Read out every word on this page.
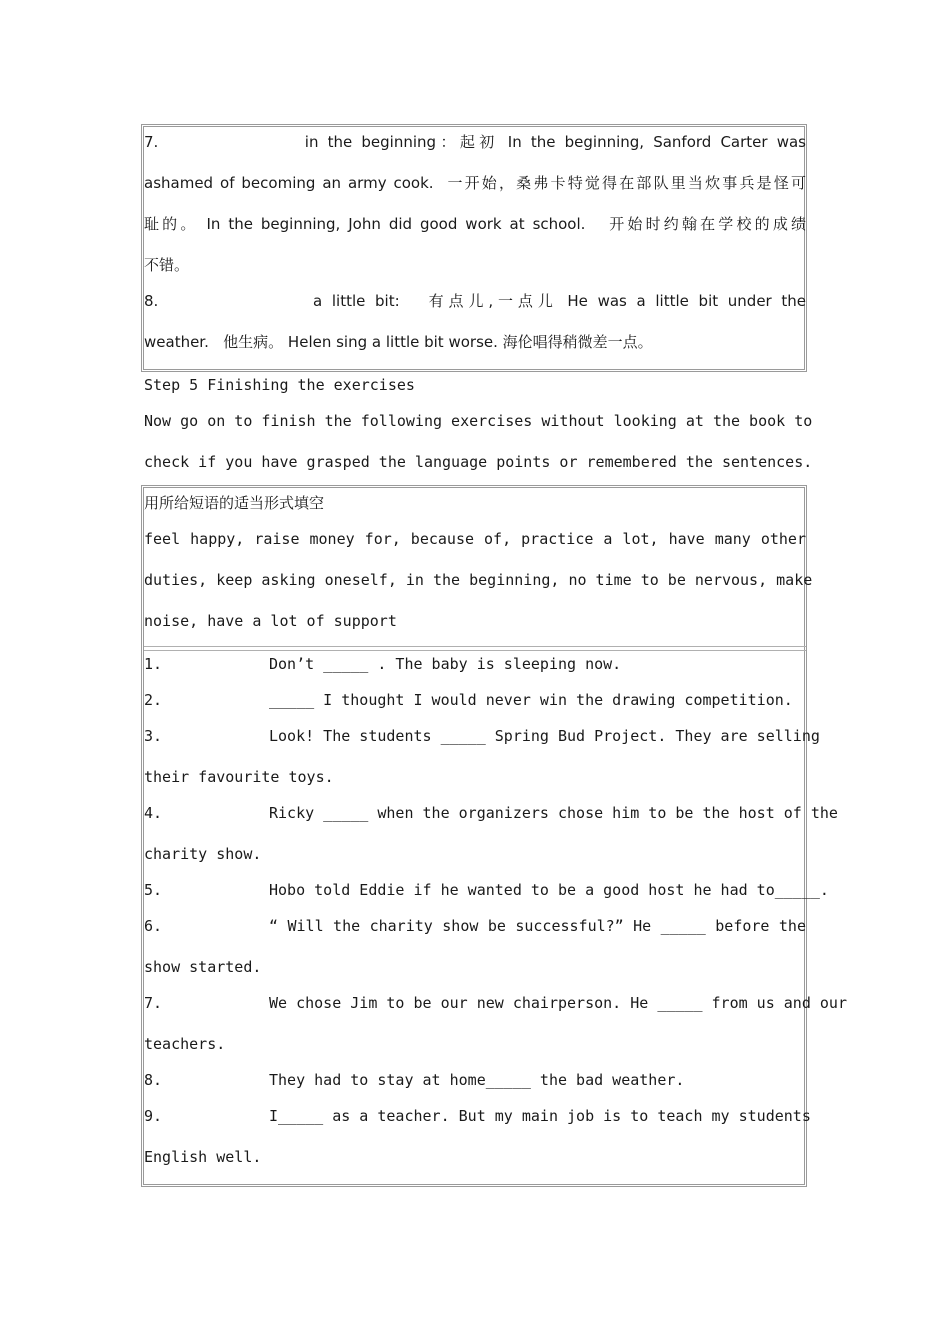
7.                in the beginning：起初 In the beginning, Sanford Carter was
ashamed of becoming an army cook.  一开始，桑弗卡特觉得在部队里当炊事兵是怪可
耻的。 In the beginning, John did good work at school.   开始时约翰在学校的成绩
不错。
8.                a little bit:   有点儿,一点儿 He was a little bit under the
weather.   他生病。 Helen sing a little bit worse. 海伦唱得稍微差一点。
Step 5 Finishing the exercises
Now go on to finish the following exercises without looking at the book to
check if you have grasped the language points or remembered the sentences.
用所给短语的适当形式填空
feel happy, raise money for, because of, practice a lot, have many other
duties, keep asking oneself, in the beginning, no time to be nervous, make
noise, have a lot of support
1.	Don’t _____ . The baby is sleeping now.
2.	_____ I thought I would never win the drawing competition.
3.	Look! The students _____ Spring Bud Project. They are selling
their favourite toys.
4.	Ricky _____ when the organizers chose him to be the host of the
charity show.
5.	Hobo told Eddie if he wanted to be a good host he had to_____.
6.	“ Will the charity show be successful?” He _____ before the
show started.
7.	We chose Jim to be our new chairperson. He _____ from us and our
teachers.
8.	They had to stay at home_____ the bad weather.
9.	I_____ as a teacher. But my main job is to teach my students
English well.
